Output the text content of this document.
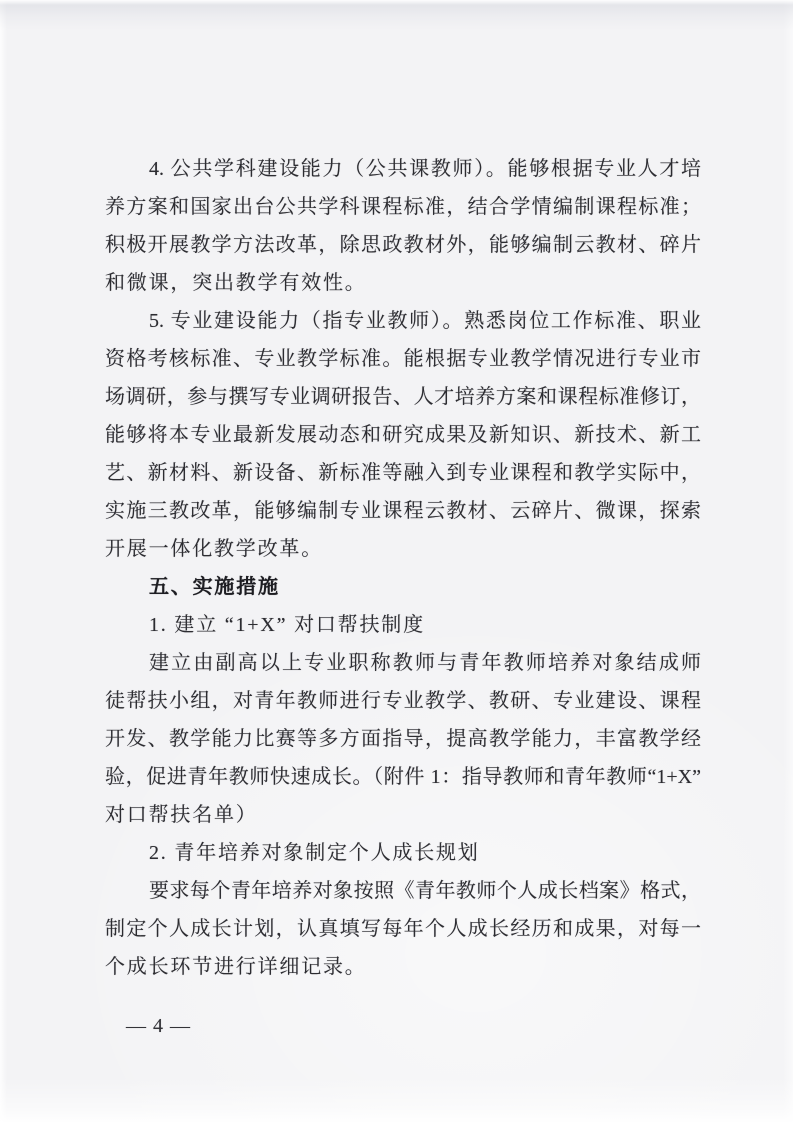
4. 公共学科建设能力（公共课教师）。能够根据专业人才培
养方案和国家出台公共学科课程标准，结合学情编制课程标准；
积极开展教学方法改革，除思政教材外，能够编制云教材、碎片
和微课，突出教学有效性。
5. 专业建设能力（指专业教师）。熟悉岗位工作标准、职业
资格考核标准、专业教学标准。能根据专业教学情况进行专业市
场调研，参与撰写专业调研报告、人才培养方案和课程标准修订，
能够将本专业最新发展动态和研究成果及新知识、新技术、新工
艺、新材料、新设备、新标准等融入到专业课程和教学实际中，
实施三教改革，能够编制专业课程云教材、云碎片、微课，探索
开展一体化教学改革。
五、实施措施
1. 建立 “1+X” 对口帮扶制度
建立由副高以上专业职称教师与青年教师培养对象结成师
徒帮扶小组，对青年教师进行专业教学、教研、专业建设、课程
开发、教学能力比赛等多方面指导，提高教学能力，丰富教学经
验，促进青年教师快速成长。（附件 1：指导教师和青年教师“1+X”
对口帮扶名单）
2. 青年培养对象制定个人成长规划
要求每个青年培养对象按照《青年教师个人成长档案》格式，
制定个人成长计划，认真填写每年个人成长经历和成果，对每一
个成长环节进行详细记录。
— 4 —
